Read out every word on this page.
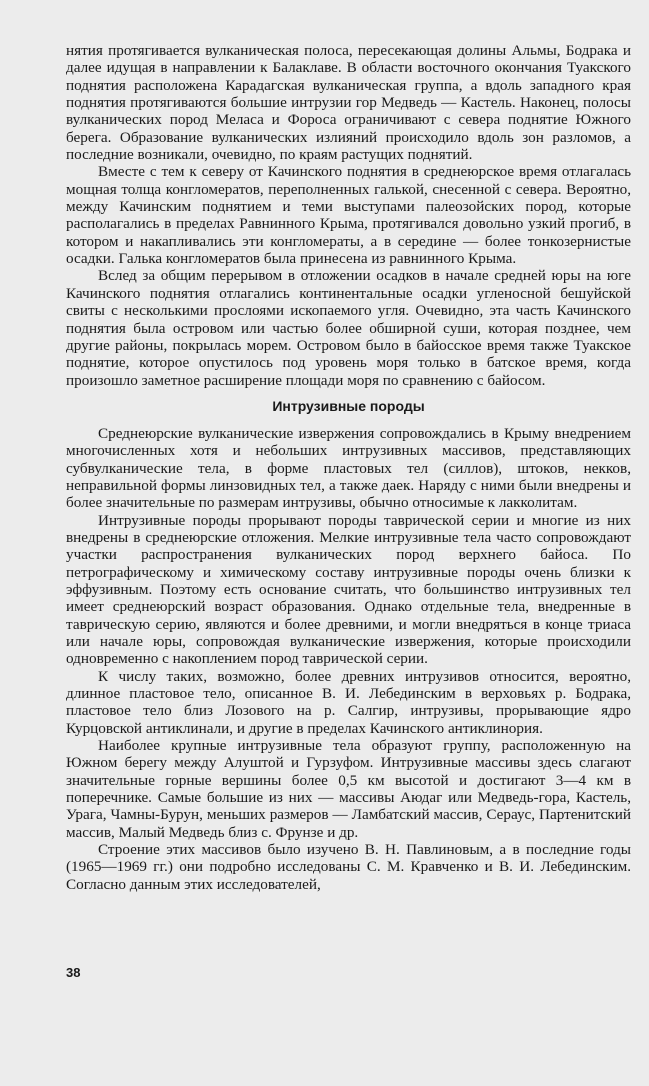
нятия протягивается вулканическая полоса, пересекающая долины Альмы, Бодрака и далее идущая в направлении к Балаклаве. В области восточного окончания Туакского поднятия расположена Карадагская вулканическая группа, а вдоль западного края поднятия протягиваются большие интрузии гор Медведь — Кастель. Наконец, полосы вулканических пород Меласа и Фороса ограничивают с севера поднятие Южного берега. Образование вулканических излияний происходило вдоль зон разломов, а последние возникали, очевидно, по краям растущих поднятий.

Вместе с тем к северу от Качинского поднятия в среднеюрское время отлагалась мощная толща конгломератов, переполненных галькой, снесенной с севера. Вероятно, между Качинским поднятием и теми выступами палеозойских пород, которые располагались в пределах Равнинного Крыма, протягивался довольно узкий прогиб, в котором и накапливались эти конгломераты, а в середине — более тонкозернистые осадки. Галька конгломератов была принесена из равнинного Крыма.

Вслед за общим перерывом в отложении осадков в начале средней юры на юге Качинского поднятия отлагались континентальные осадки угленосной бешуйской свиты с несколькими прослоями ископаемого угля. Очевидно, эта часть Качинского поднятия была островом или частью более обширной суши, которая позднее, чем другие районы, покрылась морем. Островом было в байосское время также Туакское поднятие, которое опустилось под уровень моря только в батское время, когда произошло заметное расширение площади моря по сравнению с байосом.

Интрузивные породы

Среднеюрские вулканические извержения сопровождались в Крыму внедрением многочисленных хотя и небольших интрузивных массивов, представляющих субвулканические тела, в форме пластовых тел (силлов), штоков, некков, неправильной формы линзовидных тел, а также даек. Наряду с ними были внедрены и более значительные по размерам интрузивы, обычно относимые к лакколитам.

Интрузивные породы прорывают породы таврической серии и многие из них внедрены в среднеюрские отложения. Мелкие интрузивные тела часто сопровождают участки распространения вулканических пород верхнего байоса. По петрографическому и химическому составу интрузивные породы очень близки к эффузивным. Поэтому есть основание считать, что большинство интрузивных тел имеет среднеюрский возраст образования. Однако отдельные тела, внедренные в таврическую серию, являются и более древними, и могли внедряться в конце триаса или начале юры, сопровождая вулканические извержения, которые происходили одновременно с накоплением пород таврической серии.

К числу таких, возможно, более древних интрузивов относится, вероятно, длинное пластовое тело, описанное В. И. Лебединским в верховьях р. Бодрака, пластовое тело близ Лозового на р. Салгир, интрузивы, прорывающие ядро Курцовской антиклинали, и другие в пределах Качинского антиклинория.

Наиболее крупные интрузивные тела образуют группу, расположенную на Южном берегу между Алуштой и Гурзуфом. Интрузивные массивы здесь слагают значительные горные вершины более 0,5 км высотой и достигают 3—4 км в поперечнике. Самые большие из них — массивы Аюдаг или Медведь-гора, Кастель, Урага, Чамны-Бурун, меньших размеров — Ламбатский массив, Сераус, Партенитский массив, Малый Медведь близ с. Фрунзе и др.

Строение этих массивов было изучено В. Н. Павлиновым, а в последние годы (1965—1969 гг.) они подробно исследованы С. М. Кравченко и В. И. Лебединским. Согласно данным этих исследователей,

38
